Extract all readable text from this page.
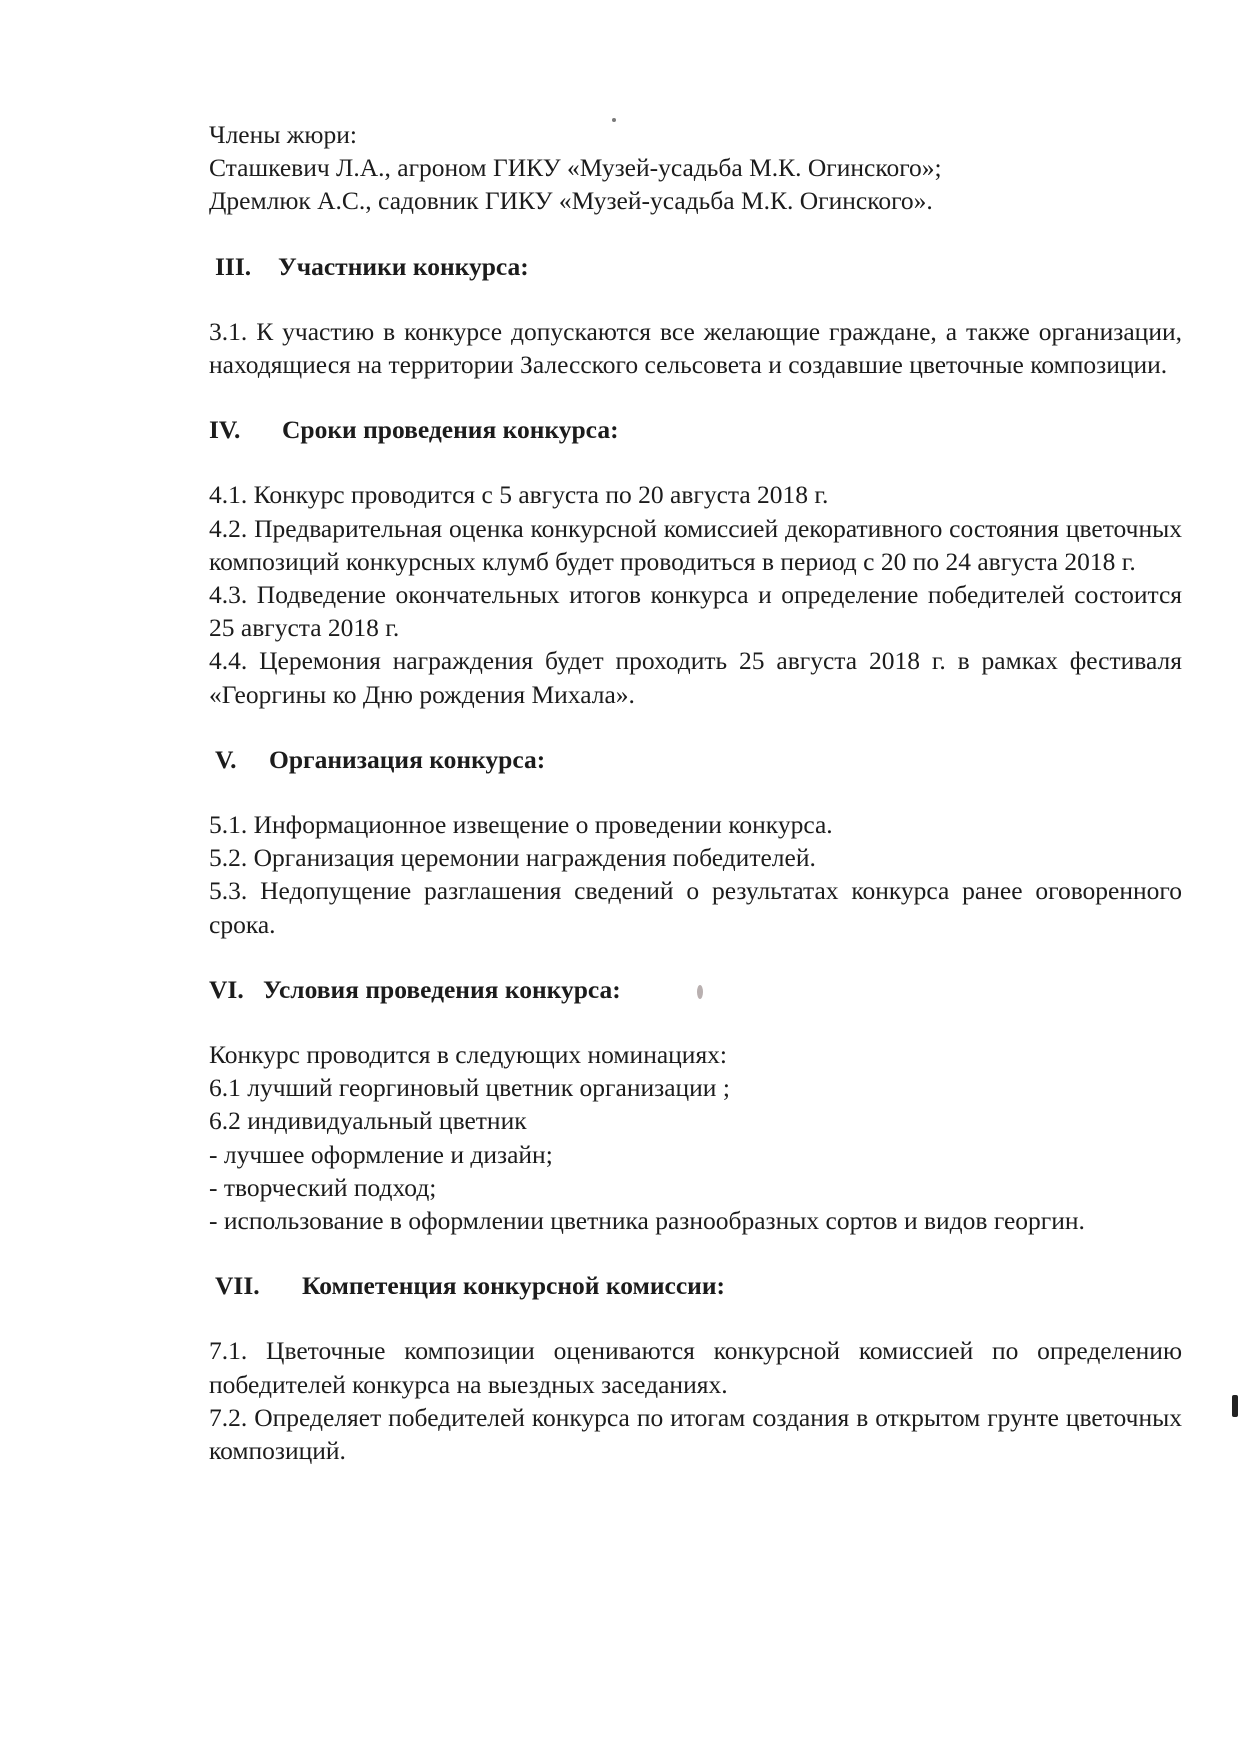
Члены жюри:

Сташкевич Л.А., агроном ГИКУ «Музей-усадьба М.К. Огинского»;

Дремлюк А.С., садовник ГИКУ «Музей-усадьба М.К. Огинского».

III. Участники конкурса:

3.1. К участию в конкурсе допускаются все желающие граждане, а также организации, находящиеся на территории Залесского сельсовета и создавшие цветочные композиции.

IV. Сроки проведения конкурса:

4.1. Конкурс проводится с 5 августа по 20 августа 2018 г.

4.2. Предварительная оценка конкурсной комиссией декоративного состояния цветочных композиций конкурсных клумб будет проводиться в период с 20 по 24 августа 2018 г.

4.3. Подведение окончательных итогов конкурса и определение победителей состоится 25 августа 2018 г.

4.4. Церемония награждения будет проходить 25 августа 2018 г. в рамках фестиваля «Георгины ко Дню рождения Михала».

V. Организация конкурса:

5.1. Информационное извещение о проведении конкурса.

5.2. Организация церемонии награждения победителей.

5.3. Недопущение разглашения сведений о результатах конкурса ранее оговоренного срока.

VI. Условия проведения конкурса:

Конкурс проводится в следующих номинациях:

6.1 лучший георгиновый цветник организации ;

6.2 индивидуальный цветник

- лучшее оформление и дизайн;

- творческий подход;

- использование в оформлении цветника разнообразных сортов и видов георгин.

VII. Компетенция конкурсной комиссии:

7.1. Цветочные композиции оцениваются конкурсной комиссией по определению победителей конкурса на выездных заседаниях.

7.2. Определяет победителей конкурса по итогам создания в открытом грунте цветочных композиций.
